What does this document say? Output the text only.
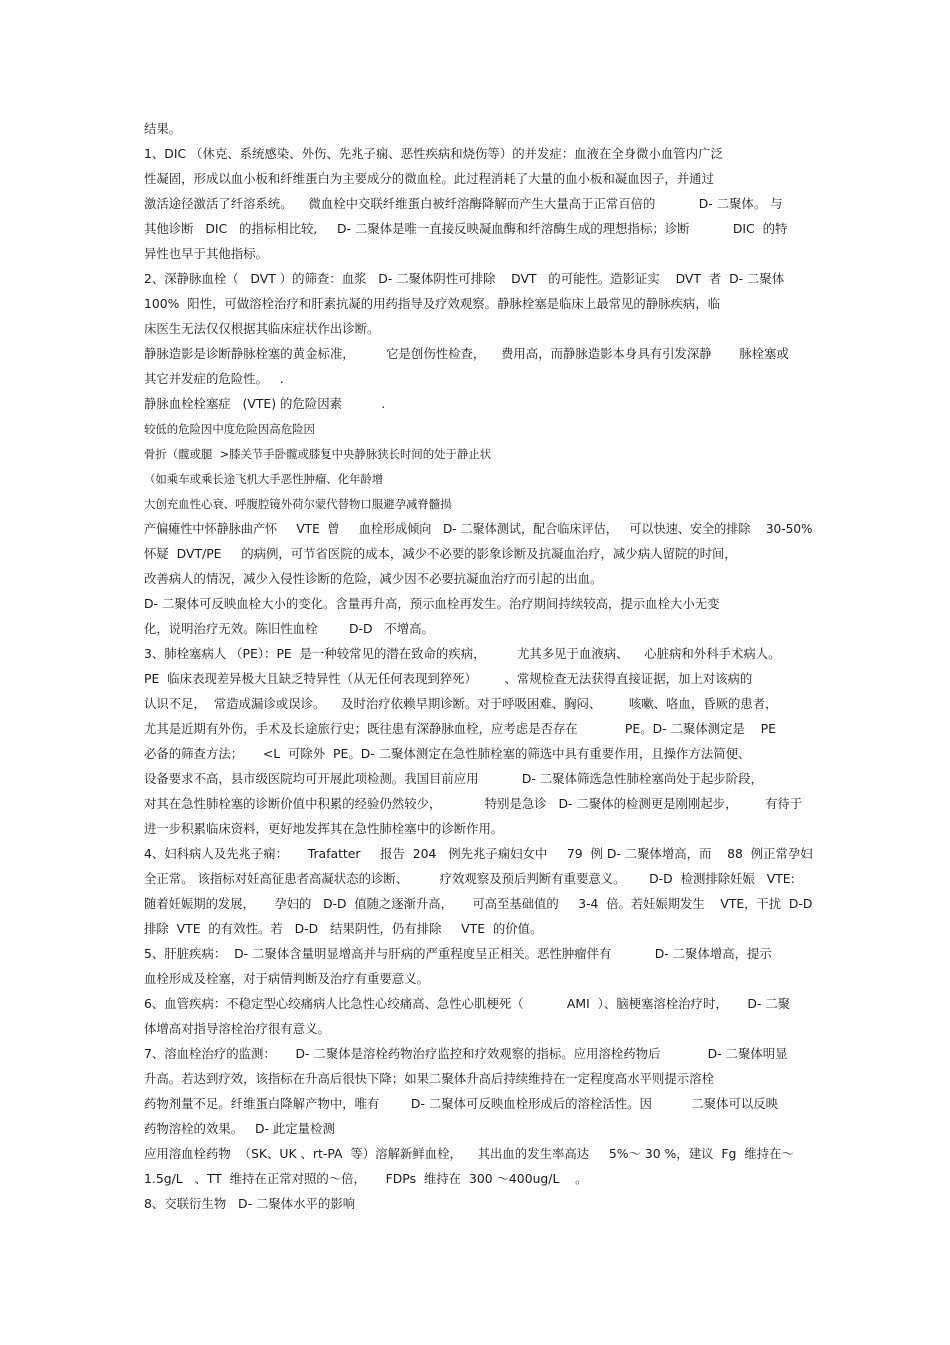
结果。
1、DIC （休克、系统感染、外伤、先兆子痫、恶性疾病和烧伤等）的并发症：血液在全身微小血管内广泛
性凝固，形成以血小板和纤维蛋白为主要成分的微血栓。此过程消耗了大量的血小板和凝血因子，并通过
激活途径激活了纤溶系统。    微血栓中交联纤维蛋白被纤溶酶降解而产生大量高于正常百倍的           D- 二聚体。 与
其他诊断   DIC   的指标相比较,     D- 二聚体是唯一直接反映凝血酶和纤溶酶生成的理想指标；诊断           DIC  的特
异性也早于其他指标。
2、深静脉血栓（   DVT ）的筛查：血浆   D- 二聚体阴性可排除    DVT   的可能性。造影证实    DVT  者  D- 二聚体
100%  阳性，可做溶栓治疗和肝素抗凝的用药指导及疗效观察。静脉栓塞是临床上最常见的静脉疾病，临
床医生无法仅仅根据其临床症状作出诊断。
静脉造影是诊断静脉栓塞的黄金标准，        它是创伤性检查，    费用高，而静脉造影本身具有引发深静       脉栓塞或
其它并发症的危险性。   .
静脉血栓栓塞症   (VTE) 的危险因素          .
较低的危险因中度危险因高危险因
骨折（髋或腿  >膝关节手卧髋或膝复中央静脉狭长时间的处于静止状
（如乘车或乘长途飞机大手恶性肿瘤、化年龄增
大创充血性心衰、呼腹腔镜外荷尔蒙代替物口服避孕减脊髓损
产偏瘫性中怀静脉曲产怀     VTE  曾     血栓形成倾向   D- 二聚体测试，配合临床评估，   可以快速、安全的排除    30-50%
怀疑  DVT/PE     的病例，可节省医院的成本，减少不必要的影象诊断及抗凝血治疗，减少病人留院的时间，
改善病人的情况，减少入侵性诊断的危险，减少因不必要抗凝血治疗而引起的出血。
D- 二聚体可反映血栓大小的变化。含量再升高，预示血栓再发生。治疗期间持续较高，提示血栓大小无变
化，说明治疗无效。陈旧性血栓        D-D   不增高。
3、肺栓塞病人 （PE）：PE  是一种较常见的潜在致命的疾病，        尤其多见于血液病、    心脏病和外科手术病人。
PE  临床表现差异极大且缺乏特异性（从无任何表现到猝死）       、常规检查无法获得直接证据，加上对该病的
认识不足，  常造成漏诊或误诊。    及时治疗依赖早期诊断。对于呼吸困难、胸闷、       咳嗽、咯血，昏厥的患者，
尤其是近期有外伤，手术及长途旅行史；既往患有深静脉血栓，应考虑是否存在            PE。D- 二聚体测定是    PE
必备的筛查方法；     <L  可除外  PE。D- 二聚体测定在急性肺栓塞的筛选中具有重要作用，且操作方法简便、
设备要求不高，县市级医院均可开展此项检测。我国目前应用           D- 二聚体筛选急性肺栓塞尚处于起步阶段，
对其在急性肺栓塞的诊断价值中积累的经验仍然较少，           特别是急诊   D- 二聚体的检测更是刚刚起步，       有待于
进一步积累临床资料，更好地发挥其在急性肺栓塞中的诊断作用。
4、妇科病人及先兆子痫：     Trafatter     报告  204   例先兆子痫妇女中     79  例 D- 二聚体增高，而    88  例正常孕妇
全正常。 该指标对妊高征患者高凝状态的诊断、        疗效观察及预后判断有重要意义。      D-D  检测排除妊娠   VTE:
随着妊娠期的发展，     孕妇的   D-D  值随之逐渐升高，     可高至基础值的     3-4  倍。若妊娠期发生    VTE，干扰  D-D
排除  VTE  的有效性。若   D-D   结果阴性，仍有排除     VTE  的价值。
5、肝脏疾病：  D- 二聚体含量明显增高并与肝病的严重程度呈正相关。恶性肿瘤伴有           D- 二聚体增高，提示
血栓形成及栓塞，对于病情判断及治疗有重要意义。
6、血管疾病：不稳定型心绞痛病人比急性心绞痛高、急性心肌梗死（           AMI  ）、脑梗塞溶栓治疗时，     D- 二聚
体增高对指导溶栓治疗很有意义。
7、溶血栓治疗的监测：     D- 二聚体是溶栓药物治疗监控和疗效观察的指标。应用溶栓药物后            D- 二聚体明显
升高。若达到疗效，该指标在升高后很快下降；如果二聚体升高后持续维持在一定程度高水平则提示溶栓
药物剂量不足。纤维蛋白降解产物中，唯有        D- 二聚体可反映血栓形成后的溶栓活性。因          二聚体可以反映
药物溶栓的效果。   D- 此定量检测
应用溶血栓药物  （SK、UK 、rt-PA  等）溶解新鲜血栓，    其出血的发生率高达     5%～ 30 %，建议  Fg  维持在～
1.5g/L   、TT  维持在正常对照的～倍，     FDPs  维持在  300 ～400ug/L    。
8、交联衍生物   D- 二聚体水平的影响
